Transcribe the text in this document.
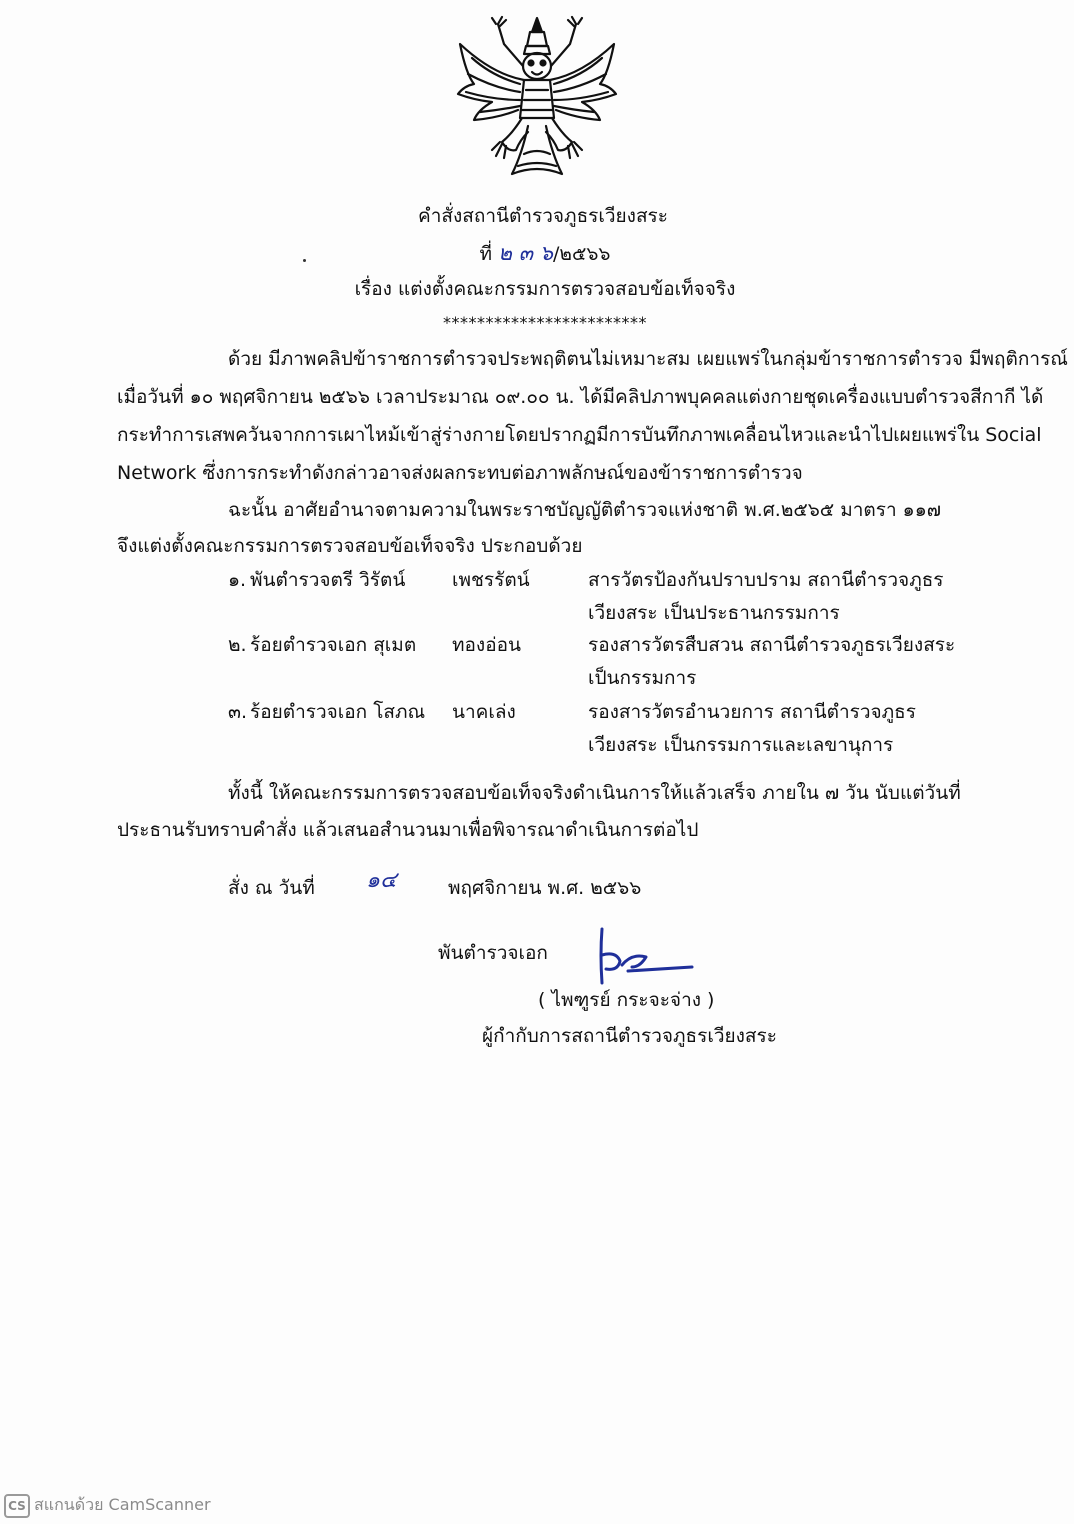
คำสั่งสถานีตำรวจภูธรเวียงสระ
ที่ ๒ ๓ ๖/๒๕๖๖
เรื่อง แต่งตั้งคณะกรรมการตรวจสอบข้อเท็จจริง
************************
ด้วย มีภาพคลิปข้าราชการตำรวจประพฤติตนไม่เหมาะสม เผยแพร่ในกลุ่มข้าราชการตำรวจ มีพฤติการณ์
เมื่อวันที่ ๑๐ พฤศจิกายน ๒๕๖๖ เวลาประมาณ ๐๙.๐๐ น. ได้มีคลิปภาพบุคคลแต่งกายชุดเครื่องแบบตำรวจสีกากี ได้
กระทำการเสพควันจากการเผาไหม้เข้าสู่ร่างกายโดยปรากฏมีการบันทึกภาพเคลื่อนไหวและนำไปเผยแพร่ใน Social
Network ซึ่งการกระทำดังกล่าวอาจส่งผลกระทบต่อภาพลักษณ์ของข้าราชการตำรวจ
ฉะนั้น อาศัยอำนาจตามความในพระราชบัญญัติตำรวจแห่งชาติ พ.ศ.๒๕๖๕ มาตรา ๑๑๗
จึงแต่งตั้งคณะกรรมการตรวจสอบข้อเท็จจริง ประกอบด้วย
๑. พันตำรวจตรี วิรัตน์ เพชรรัตน์	สารวัตรป้องกันปราบปราม สถานีตำรวจภูธร
เวียงสระ เป็นประธานกรรมการ
๒. ร้อยตำรวจเอก สุเมต ทองอ่อน	รองสารวัตรสืบสวน สถานีตำรวจภูธรเวียงสระ
เป็นกรรมการ
๓. ร้อยตำรวจเอก โสภณ นาคเล่ง	รองสารวัตรอำนวยการ สถานีตำรวจภูธร
เวียงสระ เป็นกรรมการและเลขานุการ
ทั้งนี้ ให้คณะกรรมการตรวจสอบข้อเท็จจริงดำเนินการให้แล้วเสร็จ ภายใน ๗ วัน นับแต่วันที่
ประธานรับทราบคำสั่ง แล้วเสนอสำนวนมาเพื่อพิจารณาดำเนินการต่อไป
สั่ง ณ วันที่ ๑๔	พฤศจิกายน พ.ศ. ๒๕๖๖
พันตำรวจเอก
( ไพฑูรย์ กระจะจ่าง )
ผู้กำกับการสถานีตำรวจภูธรเวียงสระ
CS สแกนด้วย CamScanner
